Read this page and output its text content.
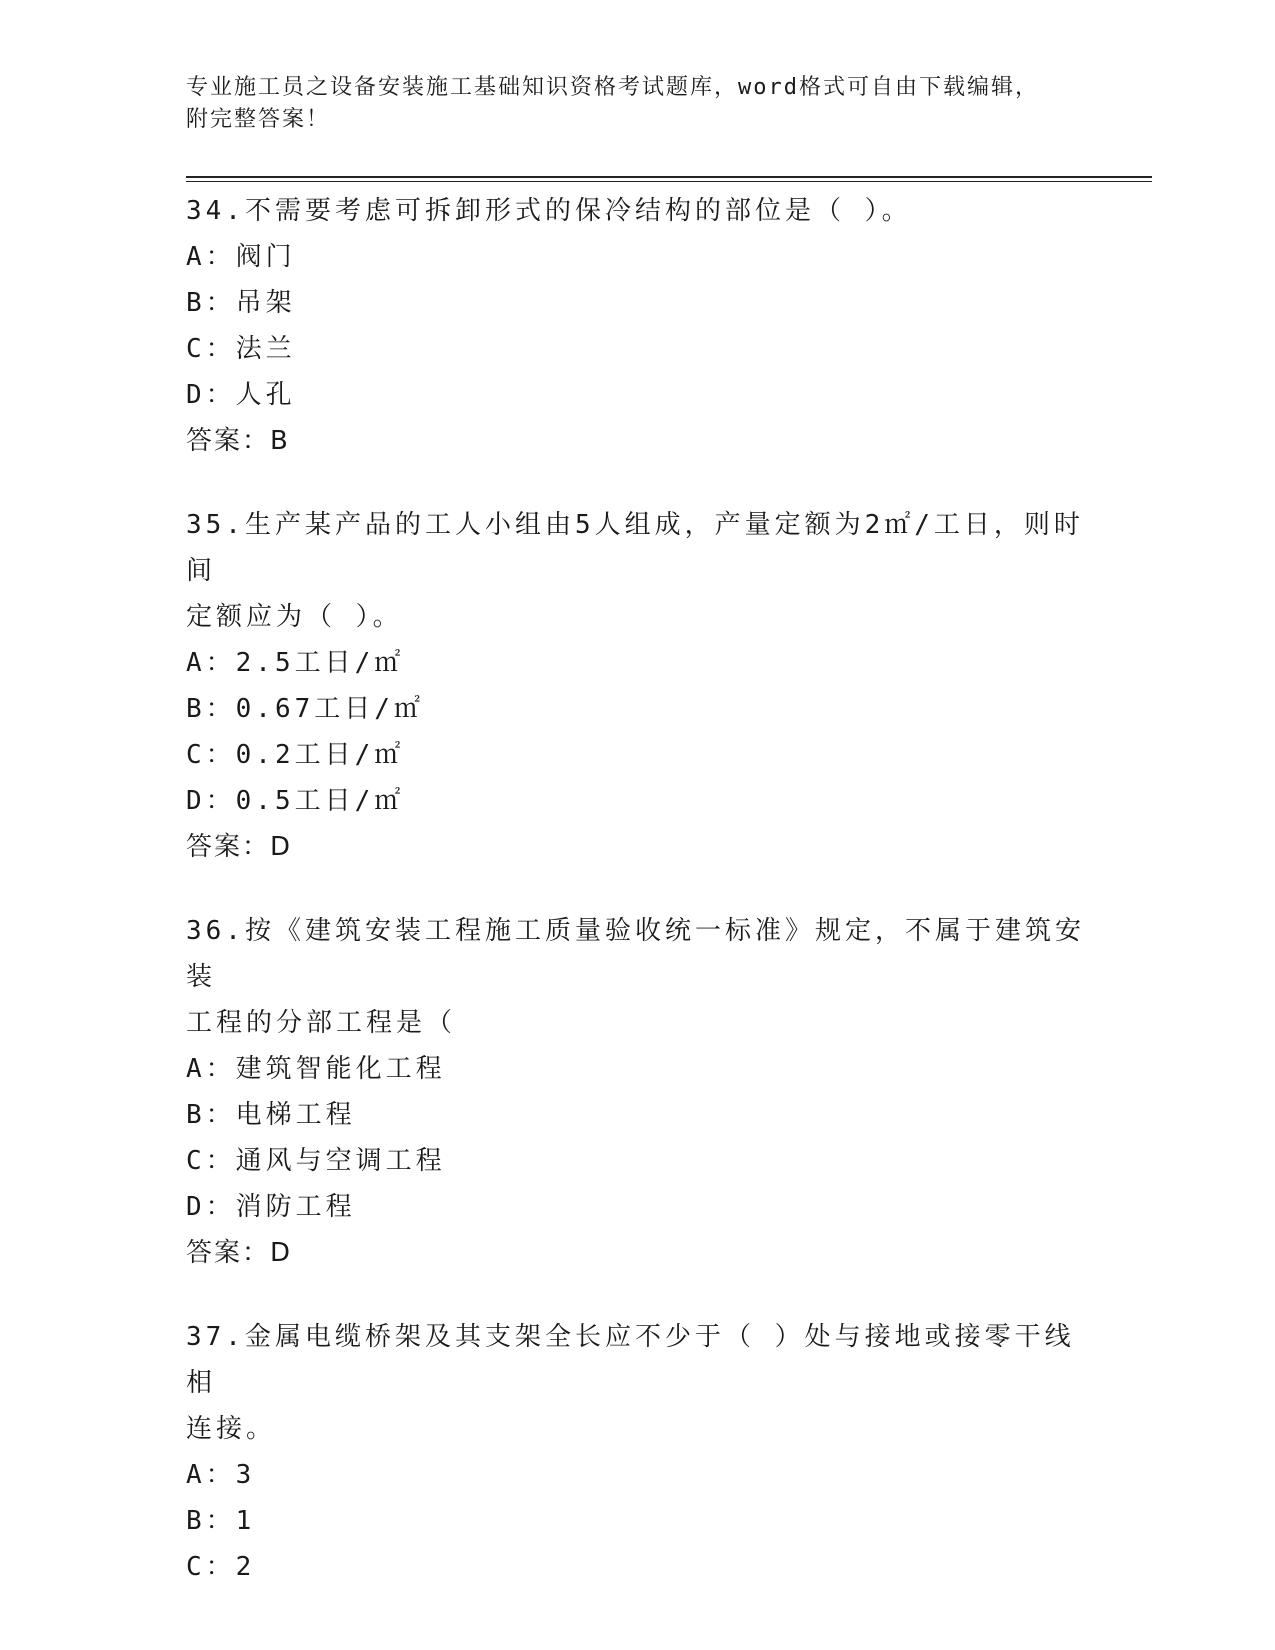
专业施工员之设备安装施工基础知识资格考试题库，word格式可自由下载编辑，
附完整答案！

34.不需要考虑可拆卸形式的保冷结构的部位是（ ）。

A：阀门

B：吊架

C：法兰

D：人孔

答案：B

35.生产某产品的工人小组由5人组成，产量定额为2㎡/工日，则时间

定额应为（ ）。

A：2.5工日/㎡

B：0.67工日/㎡

C：0.2工日/㎡

D：0.5工日/㎡

答案：D

36.按《建筑安装工程施工质量验收统一标准》规定，不属于建筑安装

工程的分部工程是（

A：建筑智能化工程

B：电梯工程

C：通风与空调工程

D：消防工程

答案：D

37.金属电缆桥架及其支架全长应不少于（ ）处与接地或接零干线相

连接。

A：3

B：1

C：2
